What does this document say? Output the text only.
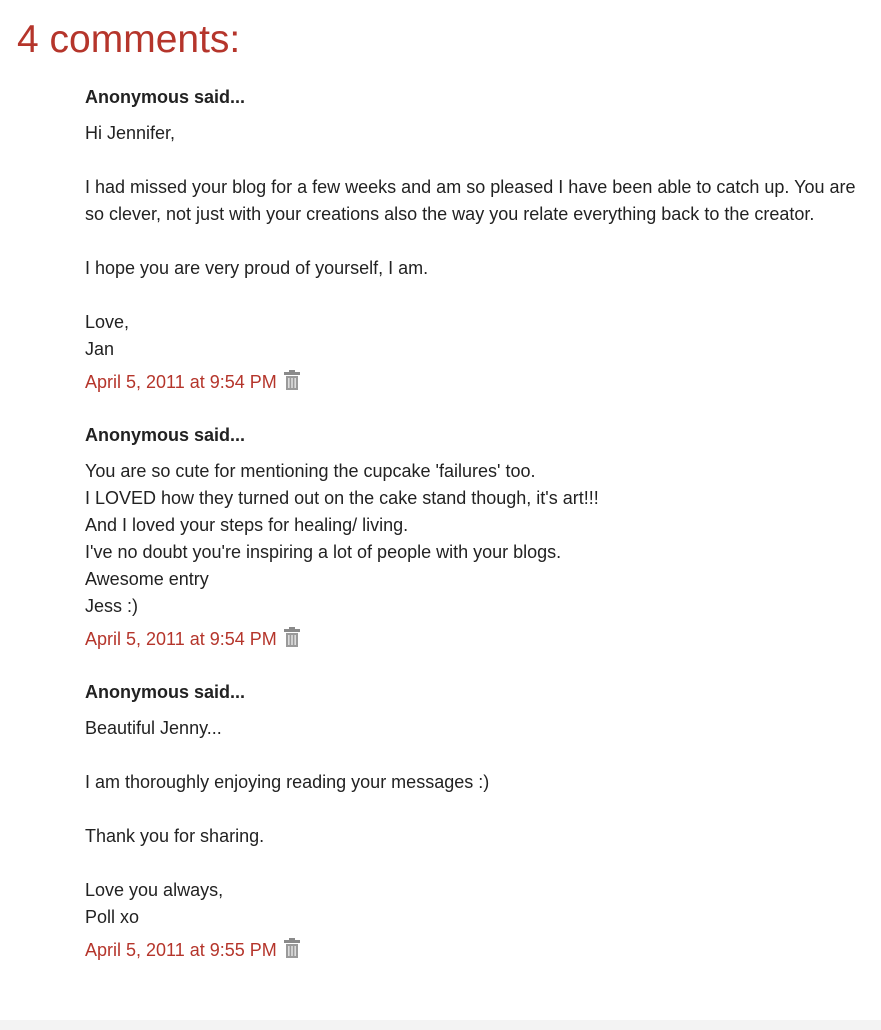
4 comments:
Anonymous said...
Hi Jennifer,

I had missed your blog for a few weeks and am so pleased I have been able to catch up. You are so clever, not just with your creations also the way you relate everything back to the creator.

I hope you are very proud of yourself, I am.

Love,
Jan
April 5, 2011 at 9:54 PM
Anonymous said...
You are so cute for mentioning the cupcake 'failures' too.
I LOVED how they turned out on the cake stand though, it's art!!!
And I loved your steps for healing/ living.
I've no doubt you're inspiring a lot of people with your blogs.
Awesome entry
Jess :)
April 5, 2011 at 9:54 PM
Anonymous said...
Beautiful Jenny...

I am thoroughly enjoying reading your messages :)

Thank you for sharing.

Love you always,
Poll xo
April 5, 2011 at 9:55 PM
